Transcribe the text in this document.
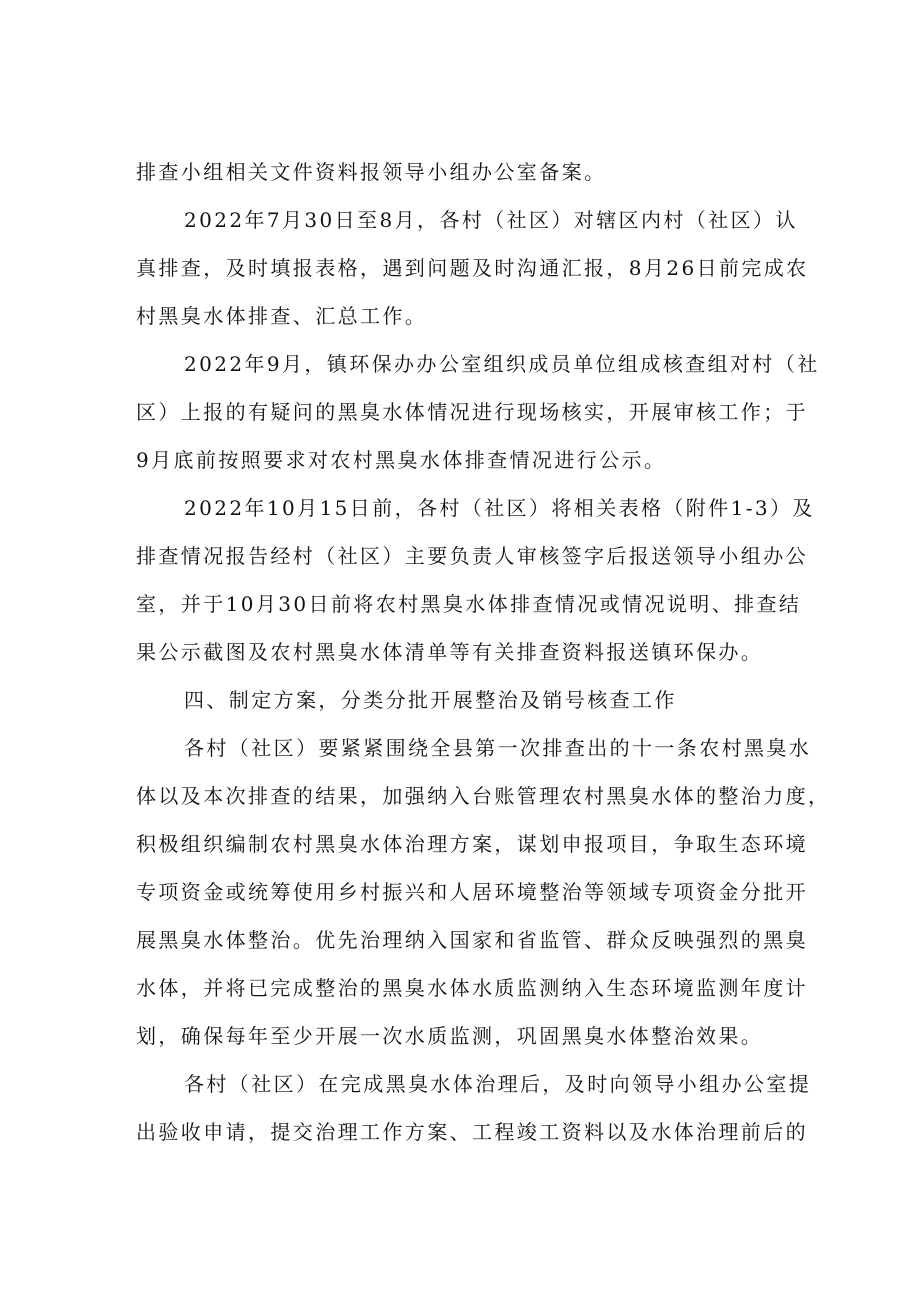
排查小组相关文件资料报领导小组办公室备案。
2022年7月30日至8月，各村（社区）对辖区内村（社区）认
真排查，及时填报表格，遇到问题及时沟通汇报，8月26日前完成农
村黑臭水体排查、汇总工作。
2022年9月，镇环保办办公室组织成员单位组成核查组对村（社
区）上报的有疑问的黑臭水体情况进行现场核实，开展审核工作；于
9月底前按照要求对农村黑臭水体排查情况进行公示。
2022年10月15日前，各村（社区）将相关表格（附件1-3）及
排查情况报告经村（社区）主要负责人审核签字后报送领导小组办公
室，并于10月30日前将农村黑臭水体排查情况或情况说明、排查结
果公示截图及农村黑臭水体清单等有关排查资料报送镇环保办。
四、制定方案，分类分批开展整治及销号核查工作
各村（社区）要紧紧围绕全县第一次排查出的十一条农村黑臭水
体以及本次排查的结果，加强纳入台账管理农村黑臭水体的整治力度，
积极组织编制农村黑臭水体治理方案，谋划申报项目，争取生态环境
专项资金或统筹使用乡村振兴和人居环境整治等领域专项资金分批开
展黑臭水体整治。优先治理纳入国家和省监管、群众反映强烈的黑臭
水体，并将已完成整治的黑臭水体水质监测纳入生态环境监测年度计
划，确保每年至少开展一次水质监测，巩固黑臭水体整治效果。
各村（社区）在完成黑臭水体治理后，及时向领导小组办公室提
出验收申请，提交治理工作方案、工程竣工资料以及水体治理前后的
